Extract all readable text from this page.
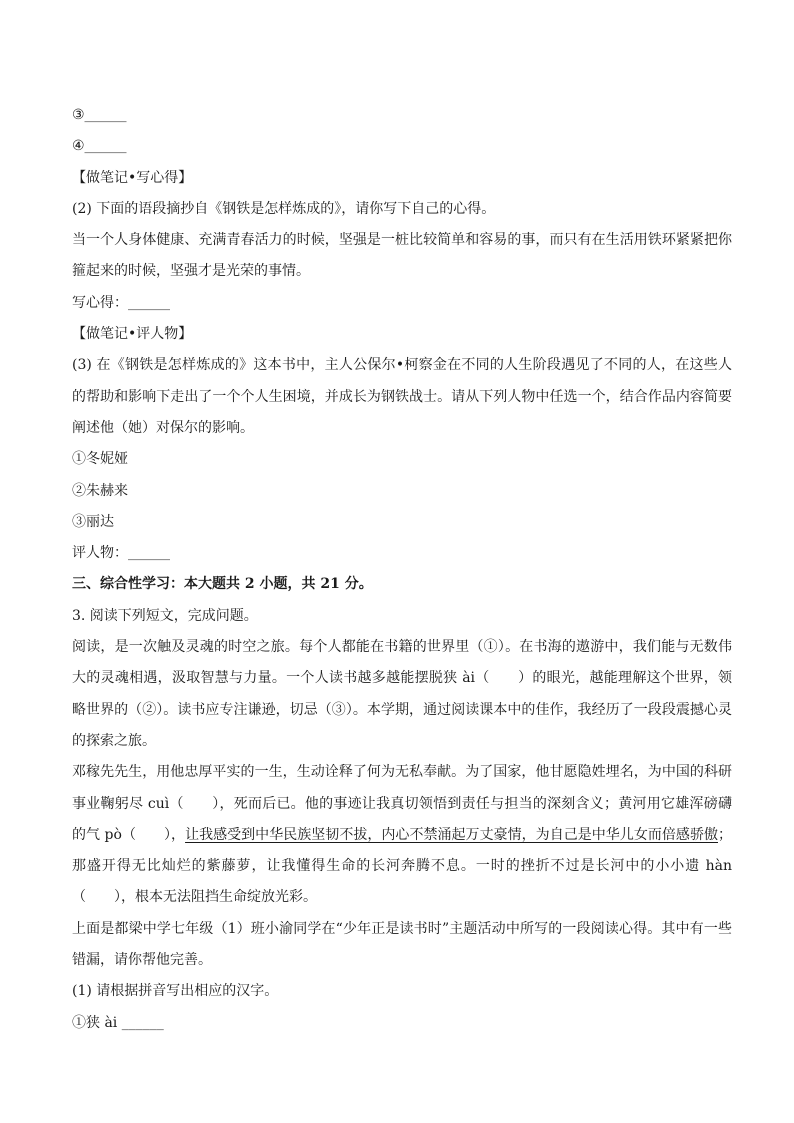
③______
④______
【做笔记•写心得】
(2) 下面的语段摘抄自《钢铁是怎样炼成的》，请你写下自己的心得。
当一个人身体健康、充满青春活力的时候，坚强是一桩比较简单和容易的事，而只有在生活用铁环紧紧把你箍起来的时候，坚强才是光荣的事情。
写心得：______
【做笔记•评人物】
(3) 在《钢铁是怎样炼成的》这本书中，主人公保尔•柯察金在不同的人生阶段遇见了不同的人，在这些人的帮助和影响下走出了一个个人生困境，并成长为钢铁战士。请从下列人物中任选一个，结合作品内容简要阐述他（她）对保尔的影响。
①冬妮娅
②朱赫来
③丽达
评人物：______
三、综合性学习：本大题共 2 小题，共 21 分。
3. 阅读下列短文，完成问题。
阅读，是一次触及灵魂的时空之旅。每个人都能在书籍的世界里（①）。在书海的遨游中，我们能与无数伟大的灵魂相遇，汲取智慧与力量。一个人读书越多越能摆脱狭 ài（　　）的眼光，越能理解这个世界，领略世界的（②）。读书应专注谦逊，切忌（③）。本学期，通过阅读课本中的佳作，我经历了一段段震撼心灵的探索之旅。
邓稼先先生，用他忠厚平实的一生，生动诠释了何为无私奉献。为了国家，他甘愿隐姓埋名，为中国的科研事业鞠躬尽 cuì（　　），死而后已。他的事迹让我真切领悟到责任与担当的深刻含义；黄河用它雄浑磅礴的气 pò（　　），让我感受到中华民族坚韧不拔，内心不禁涌起万丈豪情，为自己是中华儿女而倍感骄傲；那盛开得无比灿烂的紫藤萝，让我懂得生命的长河奔腾不息。一时的挫折不过是长河中的小小遗 hàn（　　），根本无法阻挡生命绽放光彩。
上面是都梁中学七年级（1）班小渝同学在“少年正是读书时”主题活动中所写的一段阅读心得。其中有一些错漏，请你帮他完善。
(1) 请根据拼音写出相应的汉字。
①狭 ài ______
